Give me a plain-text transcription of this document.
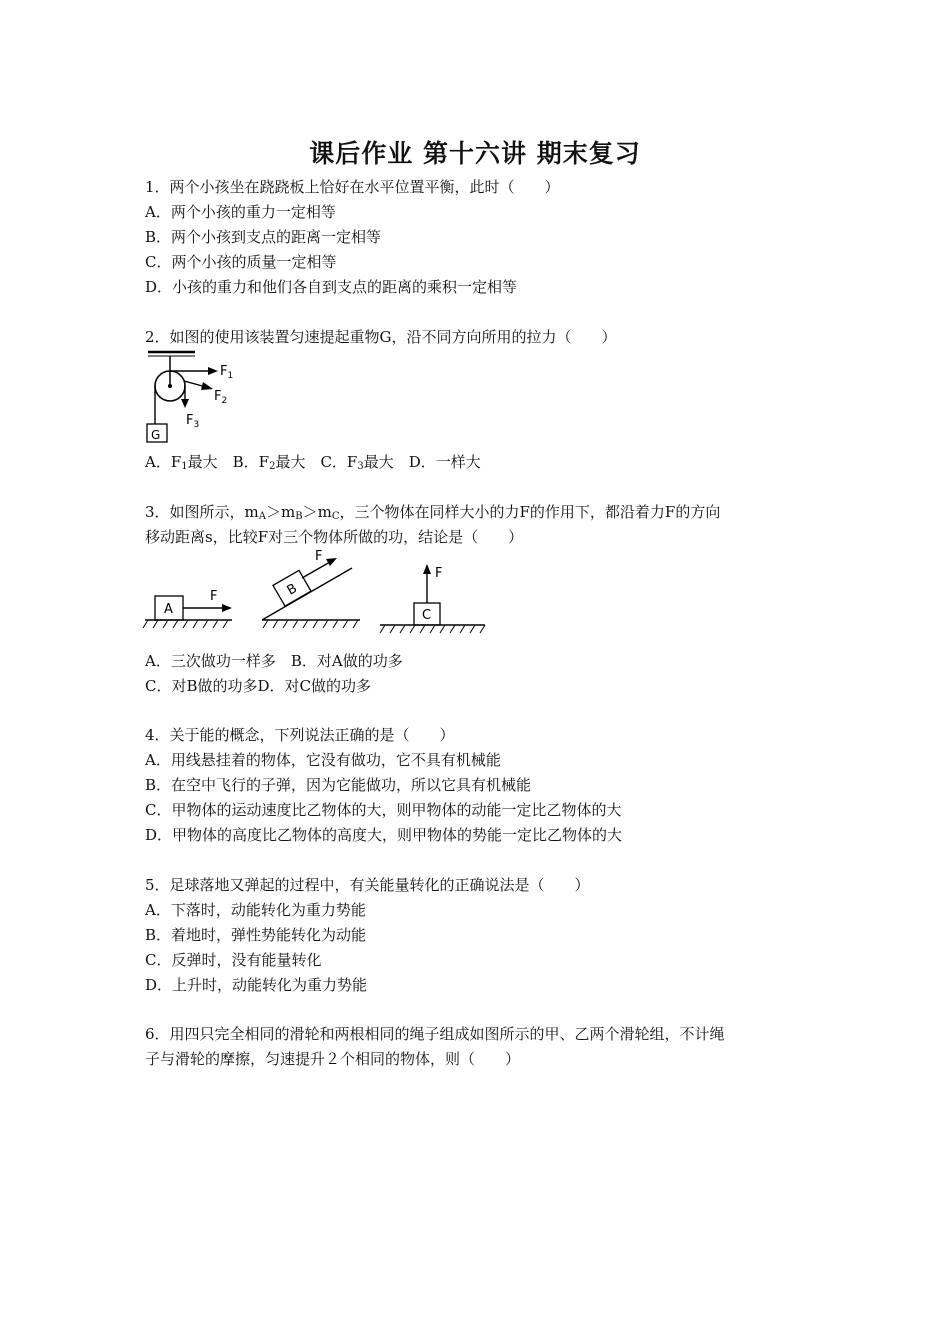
课后作业 第十六讲 期末复习
1．两个小孩坐在跷跷板上恰好在水平位置平衡，此时（　　）
A．两个小孩的重力一定相等
B．两个小孩到支点的距离一定相等
C．两个小孩的质量一定相等
D．小孩的重力和他们各自到支点的距离的乘积一定相等
2．如图的使用该装置匀速提起重物G，沿不同方向所用的拉力（　　）
G
$F_1$
$F_2$
$F_3$
A．$F_1$最大　B．$F_2$最大　C．$F_3$最大　D．一样大
3．如图所示，$m_A>m_B>m_C$，三个物体在同样大小的力F的作用下，都沿着力F的方向
移动距离s，比较F对三个物体所做的功，结论是（　　）
A
F	B
F
C
F
A．三次做功一样多　B．对A做的功多
C．对B做的功多D．对C做的功多
4．关于能的概念，下列说法正确的是（　　）
A．用线悬挂着的物体，它没有做功，它不具有机械能
B．在空中飞行的子弹，因为它能做功，所以它具有机械能
C．甲物体的运动速度比乙物体的大，则甲物体的动能一定比乙物体的大
D．甲物体的高度比乙物体的高度大，则甲物体的势能一定比乙物体的大
5．足球落地又弹起的过程中，有关能量转化的正确说法是（　　）
A．下落时，动能转化为重力势能
B．着地时，弹性势能转化为动能
C．反弹时，没有能量转化
D．上升时，动能转化为重力势能
6．用四只完全相同的滑轮和两根相同的绳子组成如图所示的甲、乙两个滑轮组，不计绳
子与滑轮的摩擦，匀速提升２个相同的物体，则（　　）
